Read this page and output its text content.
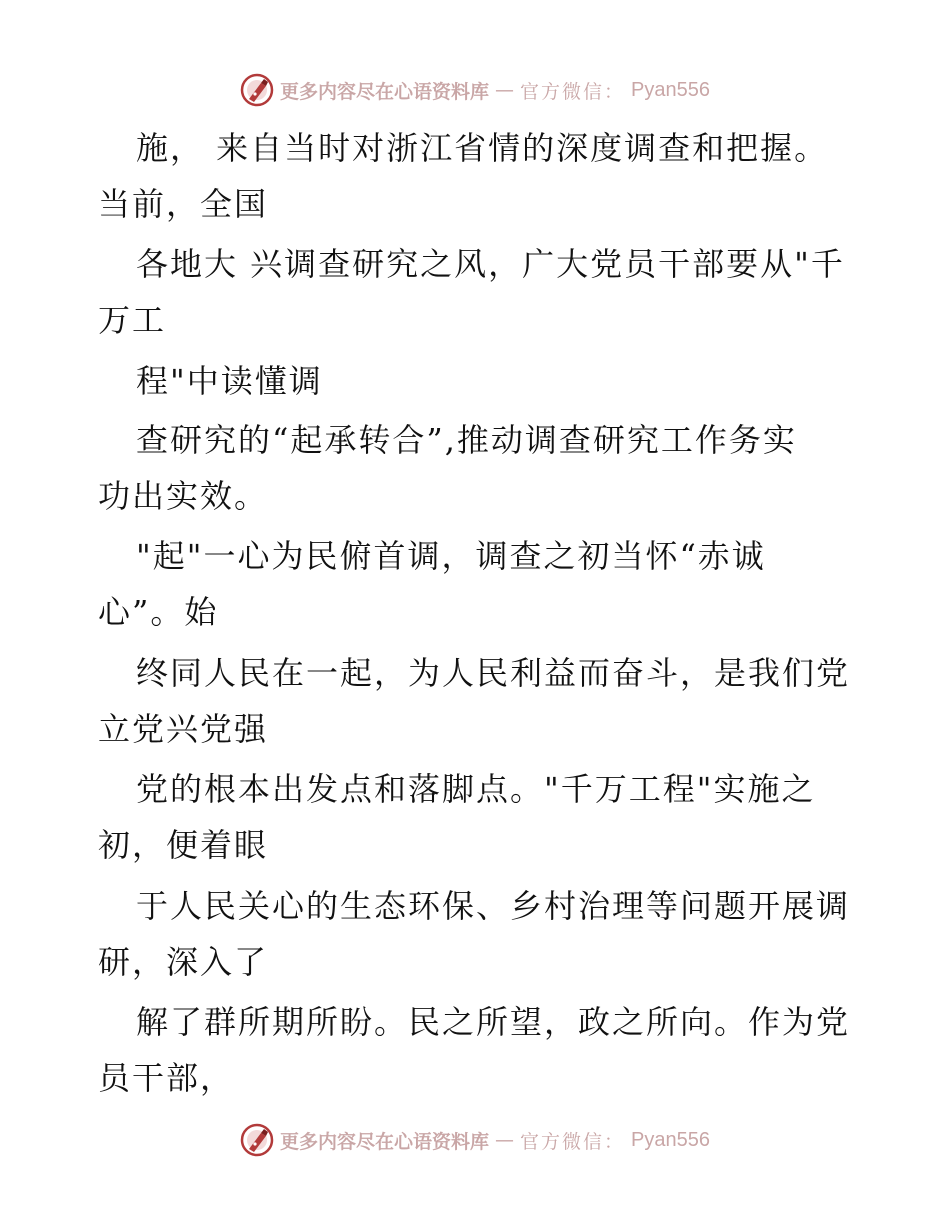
更多内容尽在心语资料库 — 官方微信： Pyan556
施， 来自当时对浙江省情的深度调查和把握。
当前，全国
各地大 兴调查研究之风，广大党员干部要从"千
万工
程"中读懂调
查研究的“起承转合”,推动调查研究工作务实
功出实效。
"起"一心为民俯首调，调查之初当怀“赤诚
心”。始
终同人民在一起，为人民利益而奋斗，是我们党
立党兴党强
党的根本出发点和落脚点。"千万工程"实施之
初，便着眼
于人民关心的生态环保、乡村治理等问题开展调
研，深入了
解了群所期所盼。民之所望，政之所向。作为党
员干部，
更多内容尽在心语资料库 — 官方微信： Pyan556
